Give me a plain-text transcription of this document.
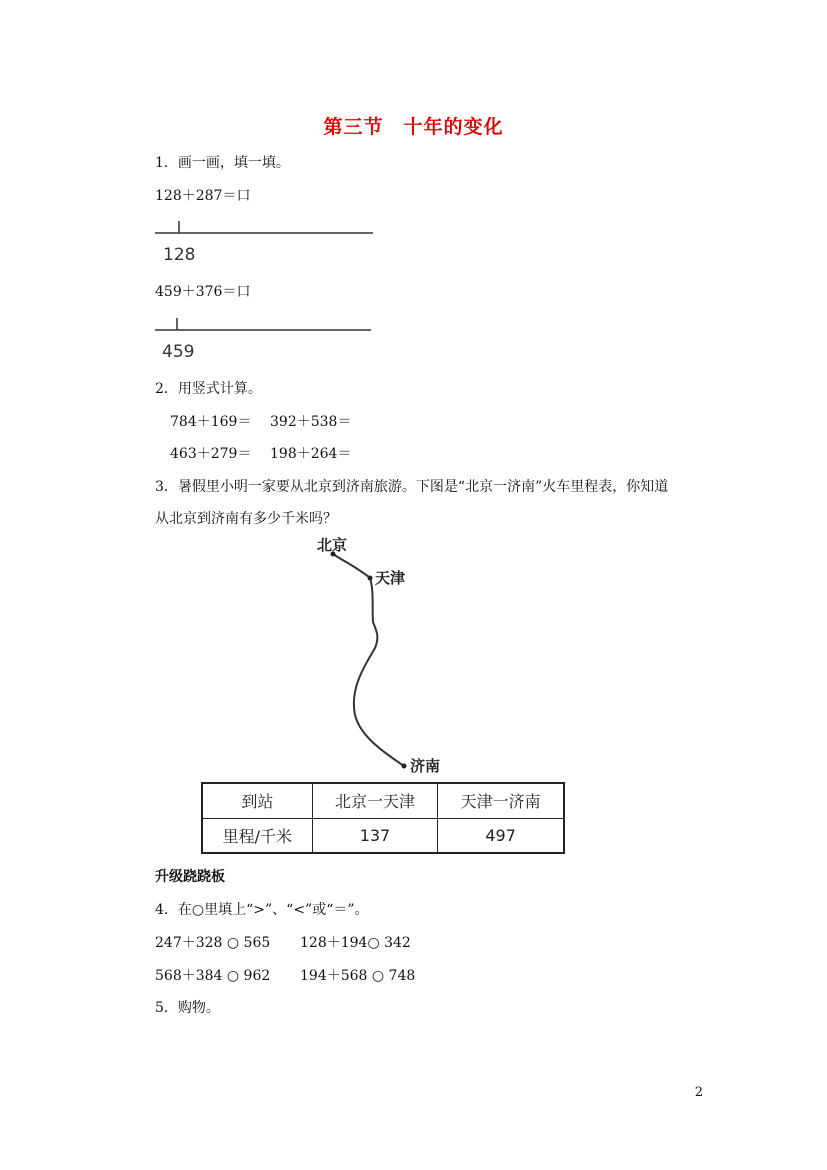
第三节　十年的变化
1．画一画，填一填。
128＋287＝口
128
459＋376＝口
459
2．用竖式计算。
784＋169＝ 392＋538＝
463＋279＝ 198＋264＝
3．暑假里小明一家要从北京到济南旅游。下图是“北京一济南”火车里程表，你知道
从北京到济南有多少千米吗？
北京
天津
济南
到站	北京一天津	天津一济南
里程/千米	137	497
升级跷跷板
4．在○里填上“>”、“<”或“＝”。
247＋328 ○ 565 128＋194○ 342
568＋384 ○ 962 194＋568 ○ 748
5．购物。
2
